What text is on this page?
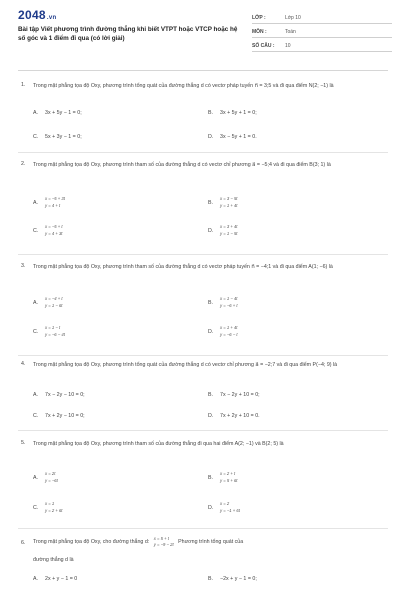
2048.vn
Bài tập Viết phương trình đường thẳng khi biết VTPT hoặc VTCP hoặc hệ số góc và 1 điểm đi qua (có lời giải)
LỚP :	Lớp 10
MÔN :	Toán
SỐ CÂU : 10
1. Trong mặt phẳng tọa độ Oxy, phương trình tổng quát của đường thẳng d có vectơ pháp tuyến n⃗ = 3;5 và đi qua điểm N(2; −1) là
A. 3x + 5y − 1 = 0;	B. 3x + 5y + 1 = 0;
C. 5x + 3y − 1 = 0;	D. 3x − 5y + 1 = 0.
2. Trong mặt phẳng tọa độ Oxy, phương trình tham số của đường thẳng d có vectơ chỉ phương a⃗ = −5;4 và đi qua điểm B(3; 1) là
A.
x = −5 + 3t
y = 4 + t	B.
x = 3 − 5t
y = 1 + 4t
C.
x = −5 + t
y = 4 + 3t	D.
x = 3 + 4t
y = 1 − 5t
3. Trong mặt phẳng tọa độ Oxy, phương trình tham số của đường thẳng d có vectơ pháp tuyến n⃗ = −4;1 và đi qua điểm A(1; −6) là
A.
x = −4 + t
y = 1 − 6t	B.
x = 1 − 4t
y = −6 + t
C.
x = 1 − t
y = −6 − 4t	D.
x = 1 + 4t
y = −6 − t
4. Trong mặt phẳng tọa độ Oxy, phương trình tổng quát của đường thẳng d có vectơ chỉ phương a⃗ = −2;7 và đi qua điểm P(−4; 9) là
A. 7x − 2y − 10 = 0;	B. 7x − 2y + 10 = 0;
C. 7x + 2y − 10 = 0;	D. 7x + 2y + 10 = 0.
5. Trong mặt phẳng tọa độ Oxy, phương trình tham số của đường thẳng đi qua hai điểm A(2; −1) và B(2; 5) là
A.
x = 2t
y = −6t	B.
x = 2 + t
y = 5 + 6t
C.
x = 1
y = 2 + 6t	D.
x = 2
y = −1 + 6t
6. Trong mặt phẳng tọa độ Oxy, cho đường thẳng d:
x = 5 + t
y = −9 − 2t Phương trình tổng quát của
đường thẳng d là
A. 2x + y − 1 = 0	B. −2x + y − 1 = 0;
